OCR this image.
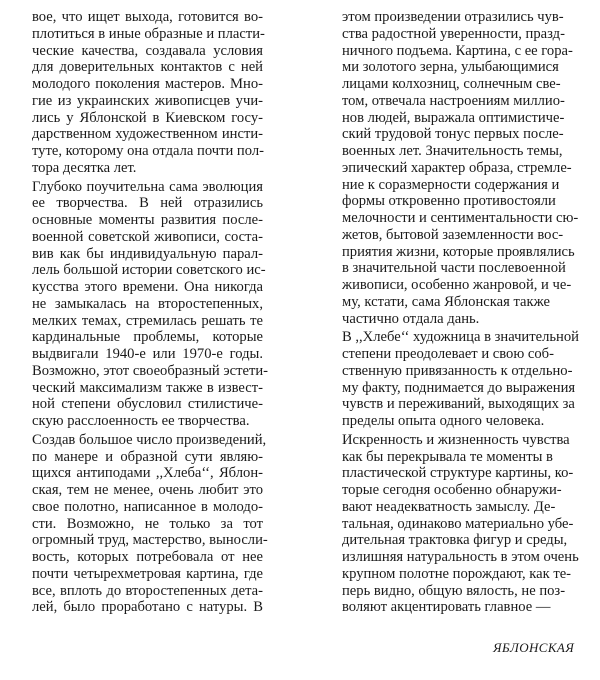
вое, что ищет выхода, готовится во-
плотиться в иные образные и пласти-
ческие качества, создавала условия
для доверительных контактов с ней
молодого поколения мастеров. Мно-
гие из украинских живописцев учи-
лись у Яблонской в Киевском госу-
дарственном художественном инсти-
туте, которому она отдала почти пол-
тора десятка лет.
Глубоко поучительна сама эволюция
ее творчества. В ней отразились
основные моменты развития после-
военной советской живописи, соста-
вив как бы индивидуальную парал-
лель большой истории советского ис-
кусства этого времени. Она никогда
не замыкалась на второстепенных,
мелких темах, стремилась решать те
кардинальные проблемы, которые
выдвигали 1940-е или 1970-е годы.
Возможно, этот своеобразный эстети-
ческий максимализм также в извест-
ной степени обусловил стилистиче-
скую расслоенность ее творчества.
Создав большое число произведений,
по манере и образной сути являю-
щихся антиподами ,,Хлеба‘‘, Яблон-
ская, тем не менее, очень любит это
свое полотно, написанное в молодо-
сти. Возможно, не только за тот
огромный труд, мастерство, выносли-
вость, которых потребовала от нее
почти четырехметровая картина, где
все, вплоть до второстепенных дета-
лей, было проработано с натуры. В
этом произведении отразились чув-
ства радостной уверенности, празд-
ничного подъема. Картина, с ее гора-
ми золотого зерна, улыбающимися
лицами колхозниц, солнечным све-
том, отвечала настроениям миллио-
нов людей, выражала оптимистиче-
ский трудовой тонус первых после-
военных лет. Значительность темы,
эпический характер образа, стремле-
ние к соразмерности содержания и
формы откровенно противостояли
мелочности и сентиментальности сю-
жетов, бытовой заземленности вос-
приятия жизни, которые проявлялись
в значительной части послевоенной
живописи, особенно жанровой, и че-
му, кстати, сама Яблонская также
частично отдала дань.
В ,,Хлебе‘‘ художница в значительной
степени преодолевает и свою соб-
ственную привязанность к отдельно-
му факту, поднимается до выражения
чувств и переживаний, выходящих за
пределы опыта одного человека.
Искренность и жизненность чувства
как бы перекрывала те моменты в
пластической структуре картины, ко-
торые сегодня особенно обнаружи-
вают неадекватность замыслу. Де-
тальная, одинаково материально убе-
дительная трактовка фигур и среды,
излишняя натуральность в этом очень
крупном полотне порождают, как те-
перь видно, общую вялость, не поз-
воляют акцентировать главное —
ЯБЛОНСКАЯ
